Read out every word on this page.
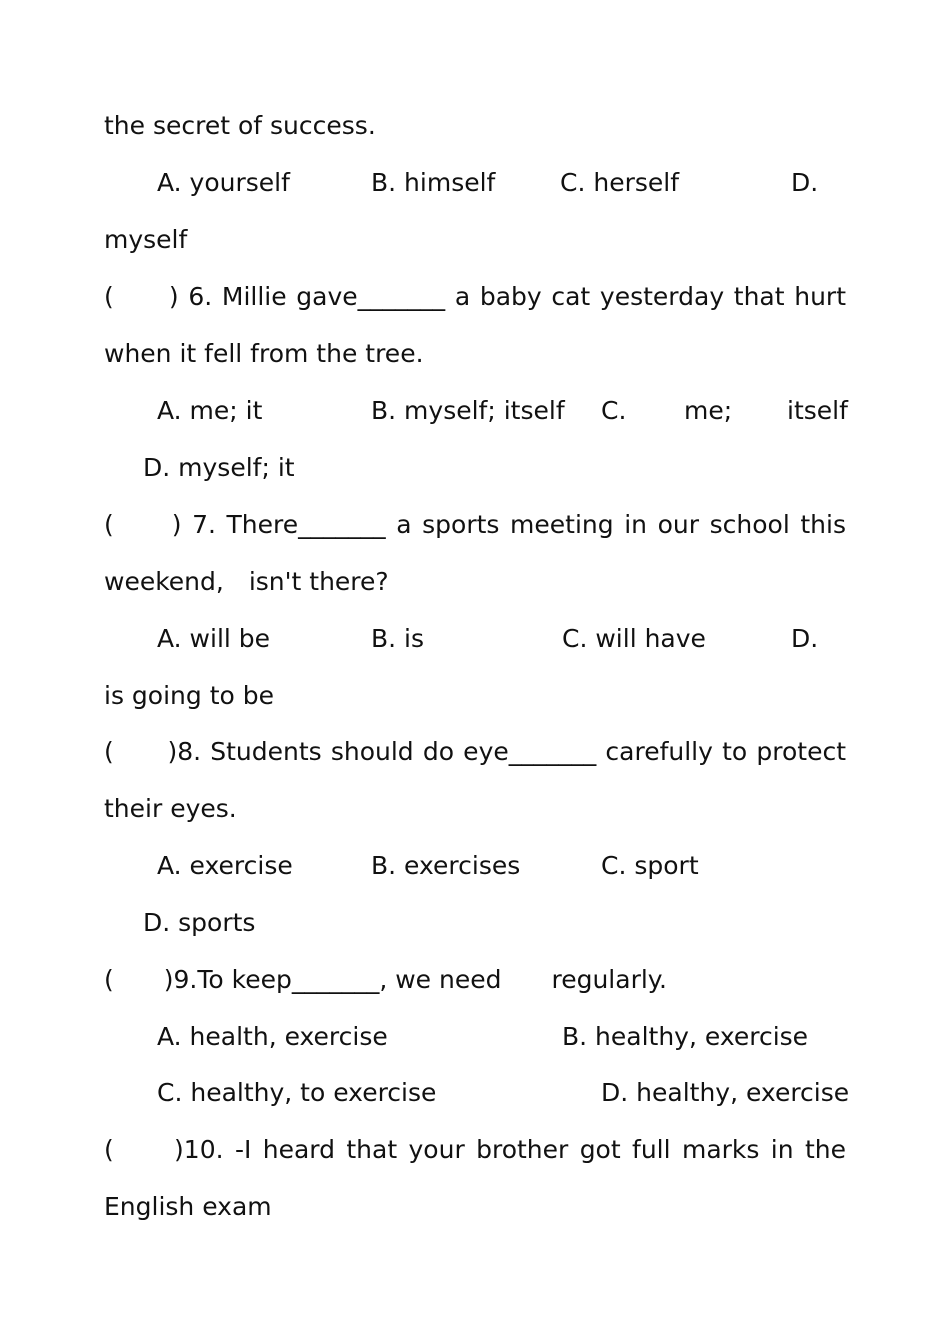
the secret of success.
A. yourself	B. himself	C. herself	D.
myself
(　　) 6. Millie gave_______ a baby cat yesterday that hurt
when it fell from the tree.
A. me; it	B. myself; itself C. me; itself
D. myself; it
(　　) 7. There_______ a sports meeting in our school this
weekend,　isn't there?
A. will be	B. is	C. will have	D.
is going to be
(　　)8. Students should do eye_______ carefully to protect
their eyes.
A. exercise	B. exercises	C. sport
D. sports
(　　)9.To keep_______, we need　　regularly.
A. health, exercise	B. healthy, exercise
C. healthy, to exercise	D. healthy, exercise
(　　)10. -I heard that your brother got full marks in the
English exam
